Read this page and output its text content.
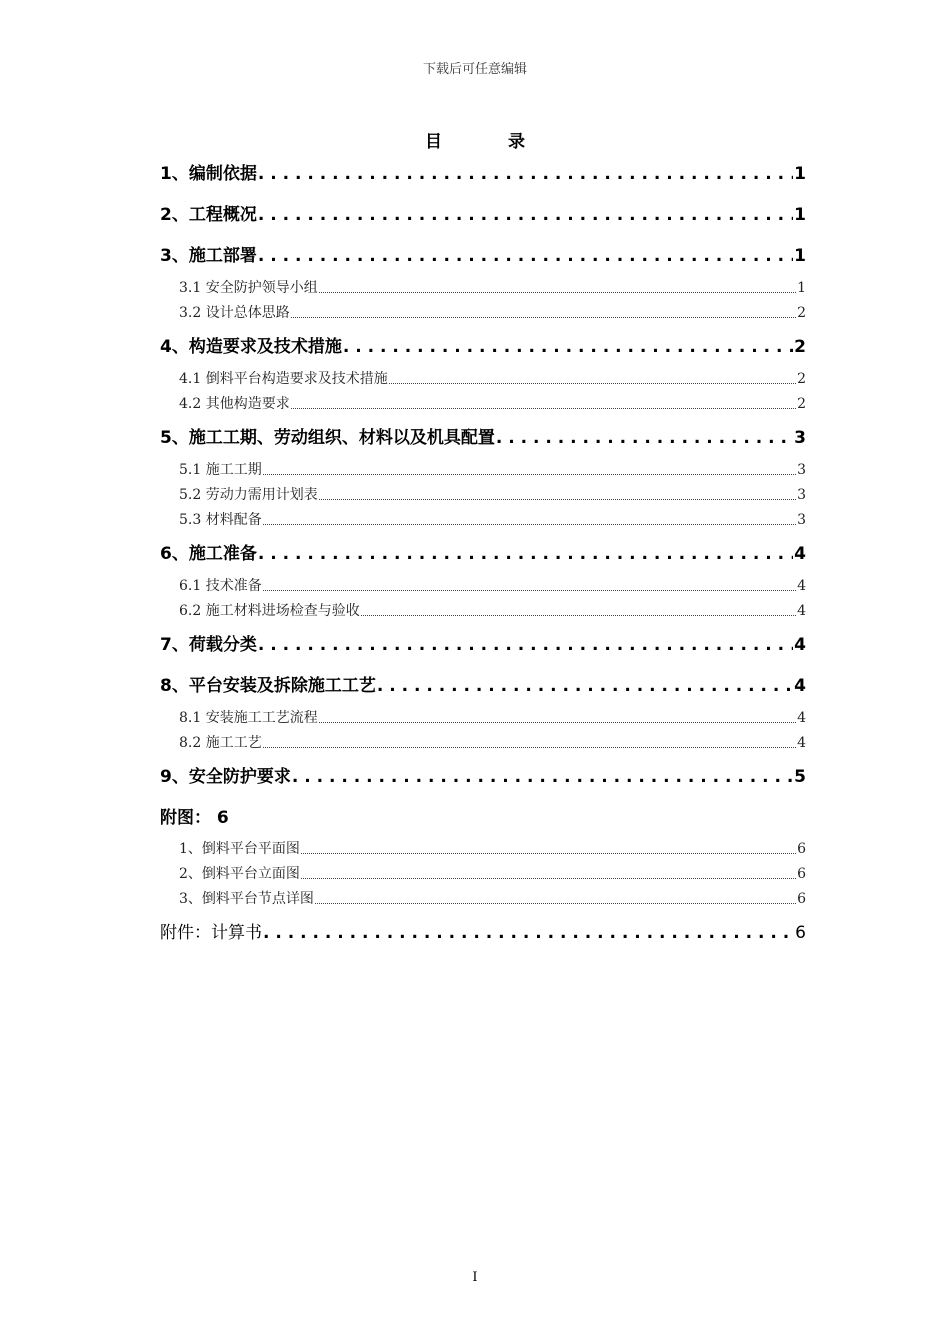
下载后可任意编辑
目 录
1、编制依据 . . .	1
2、工程概况 . . .	1
3、施工部署 . . .	1
3.1 安全防护领导小组	1
3.2 设计总体思路	2
4、构造要求及技术措施 . . .	2
4.1 倒料平台构造要求及技术措施	2
4.2 其他构造要求	2
5、施工工期、劳动组织、材料以及机具配置 . . .	3
5.1 施工工期	3
5.2 劳动力需用计划表	3
5.3 材料配备	3
6、施工准备 . . .	4
6.1 技术准备	4
6.2 施工材料进场检查与验收	4
7、荷载分类 . . .	4
8、平台安装及拆除施工工艺 . . .	4
8.1 安装施工工艺流程	4
8.2 施工工艺	4
9、安全防护要求 . . .	5
附图： 6
1、倒料平台平面图	6
2、倒料平台立面图	6
3、倒料平台节点详图	6
附件：计算书 . . .	6
I
